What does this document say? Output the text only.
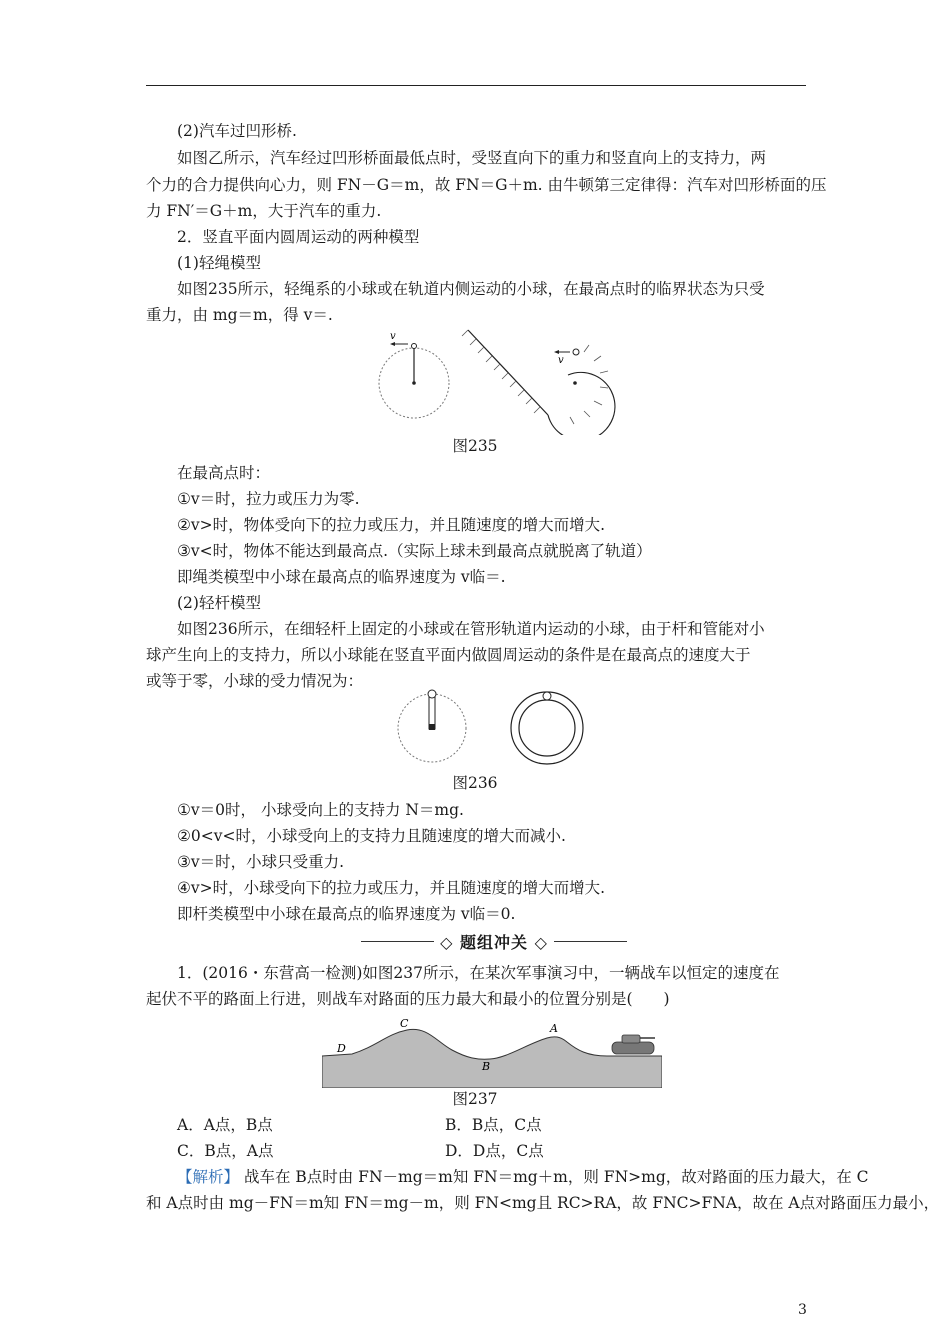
(2)汽车过凹形桥.
如图乙所示，汽车经过凹形桥面最低点时，受竖直向下的重力和竖直向上的支持力，两
个力的合力提供向心力，则 FN－G＝m，故 FN＝G＋m. 由牛顿第三定律得：汽车对凹形桥面的压
力 FN′＝G＋m，大于汽车的重力.
2．竖直平面内圆周运动的两种模型
(1)轻绳模型
如图235所示，轻绳系的小球或在轨道内侧运动的小球，在最高点时的临界状态为只受
重力，由 mg＝m，得 v＝.
v
v
图235
在最高点时：
①v＝时，拉力或压力为零.
②v>时，物体受向下的拉力或压力，并且随速度的增大而增大.
③v<时，物体不能达到最高点.（实际上球未到最高点就脱离了轨道）
即绳类模型中小球在最高点的临界速度为 v临＝.
(2)轻杆模型
如图236所示，在细轻杆上固定的小球或在管形轨道内运动的小球，由于杆和管能对小
球产生向上的支持力，所以小球能在竖直平面内做圆周运动的条件是在最高点的速度大于
或等于零，小球的受力情况为：
图236
①v＝0时， 小球受向上的支持力 N＝mg.
②0<v<时，小球受向上的支持力且随速度的增大而减小.
③v＝时，小球只受重力.
④v>时，小球受向下的拉力或压力，并且随速度的增大而增大.
即杆类模型中小球在最高点的临界速度为 v临＝0.
◇ 题组冲关 ◇
1．(2016・东营高一检测)如图237所示，在某次军事演习中，一辆战车以恒定的速度在
起伏不平的路面上行进，则战车对路面的压力最大和最小的位置分别是(　　)
D
C
B
A
图237
A．A点，B点	B．B点，C点
C．B点，A点	D．D点，C点
【解析】 战车在 B点时由 FN－mg＝m知 FN＝mg＋m，则 FN>mg，故对路面的压力最大，在 C
和 A点时由 mg－FN＝m知 FN＝mg－m，则 FN<mg且 RC>RA，故 FNC>FNA，故在 A点对路面压力最小，
3
